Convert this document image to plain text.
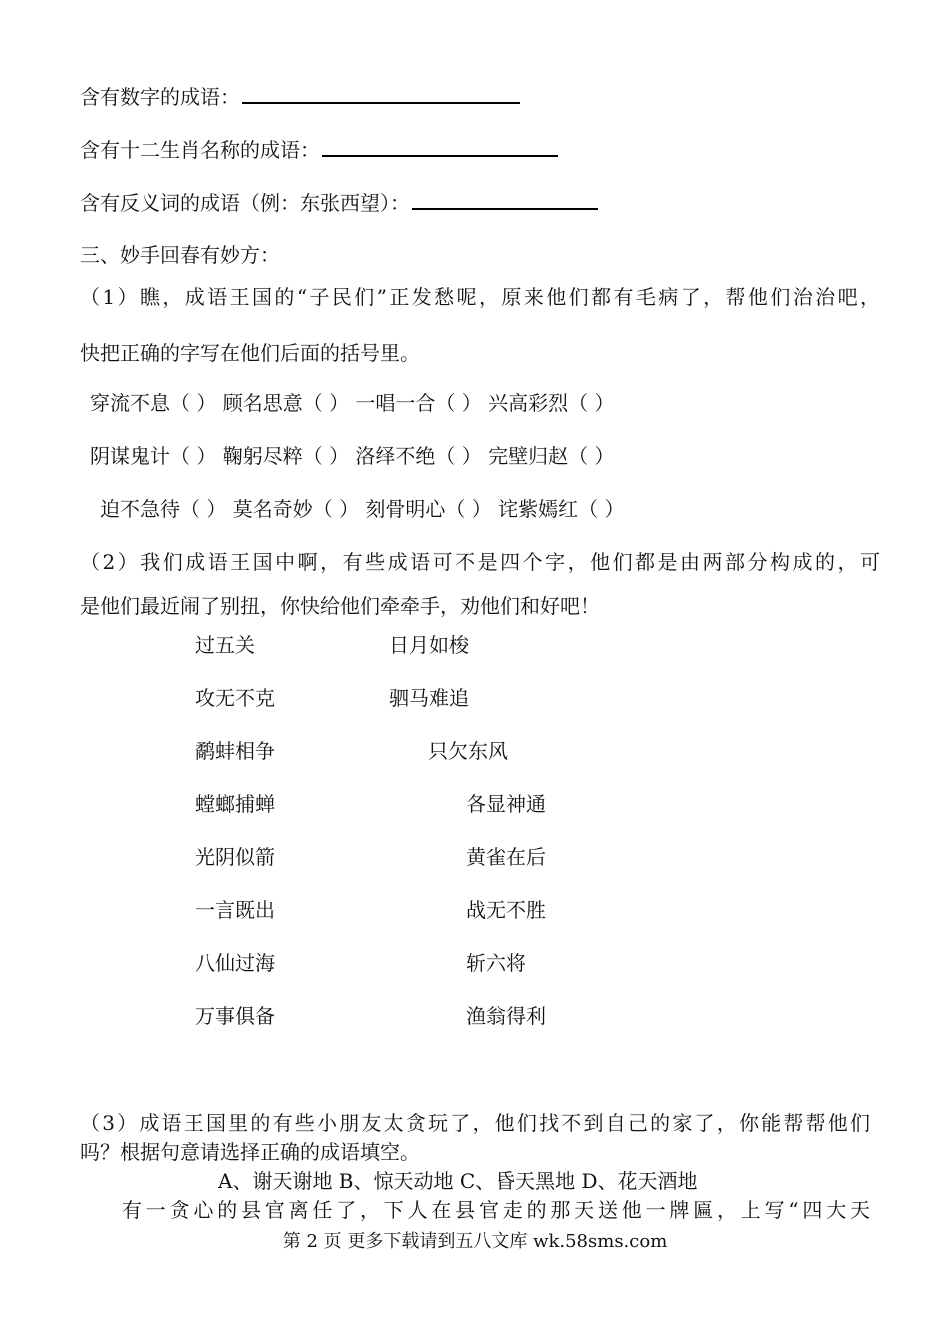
含有数字的成语：
含有十二生肖名称的成语：
含有反义词的成语（例：东张西望）：
三、妙手回春有妙方：
（1）瞧，成语王国的“子民们”正发愁呢，原来他们都有毛病了，帮他们治治吧，
快把正确的字写在他们后面的括号里。
穿流不息（ ） 顾名思意（ ） 一唱一合（ ） 兴高彩烈（ ）
阴谋鬼计（ ） 鞠躬尽粹（ ） 洛绎不绝（ ） 完壁归赵（ ）
迫不急待（ ） 莫名奇妙（ ） 刻骨明心（ ） 诧紫嫣红（ ）
（2）我们成语王国中啊，有些成语可不是四个字，他们都是由两部分构成的，可
是他们最近闹了别扭，你快给他们牵牵手，劝他们和好吧！
过五关
攻无不克
鹬蚌相争
螳螂捕蝉
光阴似箭
一言既出
八仙过海
万事俱备
日月如梭
驷马难追
只欠东风
各显神通
黄雀在后
战无不胜
斩六将
渔翁得利
（3）成语王国里的有些小朋友太贪玩了，他们找不到自己的家了，你能帮帮他们
吗？根据句意请选择正确的成语填空。
A、谢天谢地 B、惊天动地 C、昏天黑地 D、花天酒地
有一贪心的县官离任了，下人在县官走的那天送他一牌匾，上写“四大天
第 2 页 更多下载请到五八文库 wk.58sms.com
